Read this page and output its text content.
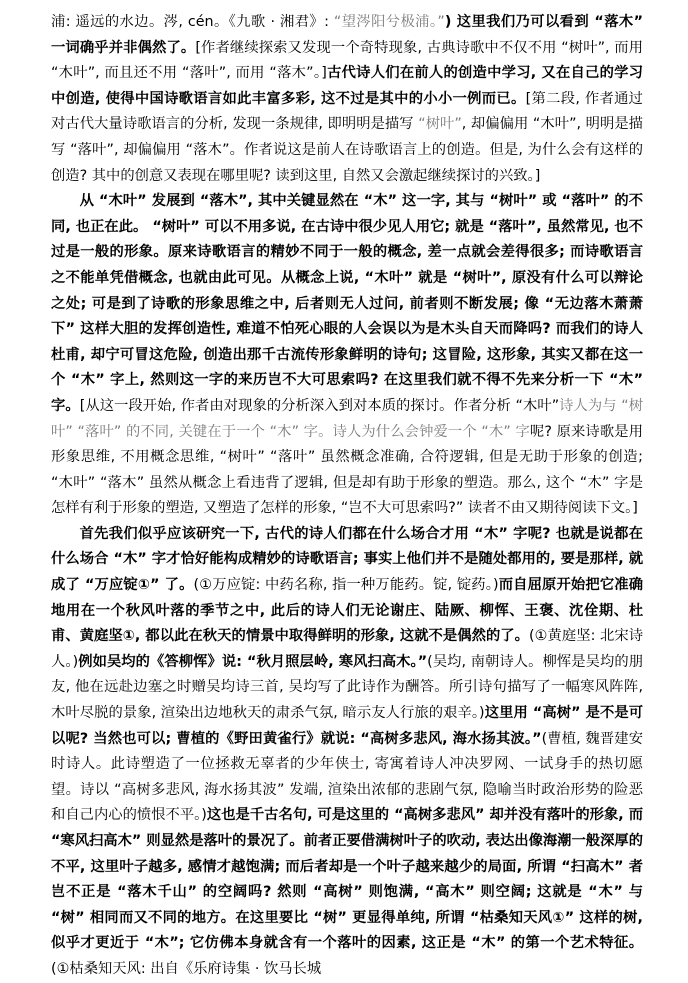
浦: 遥远的水边。涔, cén。《九歌 · 湘君》: “望涔阳兮极浦。”) 这里我们乃可以看到 “落木” 一词确乎并非偶然了。[作者继续探索又发现一个奇特现象, 古典诗歌中不仅不用 “树叶”, 而用 “木叶”, 而且还不用 “落叶”, 而用 “落木”。]古代诗人们在前人的创造中学习, 又在自己的学习中创造, 使得中国诗歌语言如此丰富多彩, 这不过是其中的小小一例而已。[第二段, 作者通过对古代大量诗歌语言的分析, 发现一条规律, 即明明是描写 “树叶”, 却偏偏用 “木叶”, 明明是描写 “落叶”, 却偏偏用 “落木”。作者说这是前人在诗歌语言上的创造。但是, 为什么会有这样的创造? 其中的创意又表现在哪里呢? 读到这里, 自然又会激起继续探讨的兴致。]

从 “木叶” 发展到 “落木”, 其中关键显然在 “木” 这一字, 其与 “树叶” 或 “落叶” 的不同, 也正在此。 “树叶” 可以不用多说, 在古诗中很少见人用它; 就是 “落叶”, 虽然常见, 也不过是一般的形象。原来诗歌语言的精妙不同于一般的概念, 差一点就会差得很多; 而诗歌语言之不能单凭借概念, 也就由此可见。从概念上说, “木叶” 就是 “树叶”, 原没有什么可以辩论之处; 可是到了诗歌的形象思维之中, 后者则无人过问, 前者则不断发展; 像 “无边落木萧萧下” 这样大胆的发挥创造性, 难道不怕死心眼的人会误以为是木头自天而降吗? 而我们的诗人杜甫, 却宁可冒这危险, 创造出那千古流传形象鲜明的诗句; 这冒险, 这形象, 其实又都在这一个 “木” 字上, 然则这一字的来历岂不大可思索吗? 在这里我们就不得不先来分析一下 “木” 字。[从这一段开始, 作者由对现象的分析深入到对本质的探讨。作者分析 “木叶”诗人为与 “树叶” “落叶” 的不同, 关键在于一个 “木” 字。诗人为什么会钟爱一个 “木” 字呢? 原来诗歌是用形象思维, 不用概念思维, “树叶” “落叶” 虽然概念准确, 合符逻辑, 但是无助于形象的创造; “木叶” “落木” 虽然从概念上看违背了逻辑, 但是却有助于形象的塑造。那么, 这个 “木” 字是怎样有利于形象的塑造, 又塑造了怎样的形象, “岂不大可思索吗?” 读者不由又期待阅读下文。]

首先我们似乎应该研究一下, 古代的诗人们都在什么场合才用 “木” 字呢? 也就是说都在什么场合 “木” 字才恰好能构成精妙的诗歌语言; 事实上他们并不是随处都用的, 要是那样, 就成了 “万应锭①” 了。(①万应锭: 中药名称, 指一种万能药。锭, 锭药。)而自屈原开始把它准确地用在一个秋风叶落的季节之中, 此后的诗人们无论谢庄、陆厥、柳恽、王褒、沈佺期、杜甫、黄庭坚①, 都以此在秋天的情景中取得鲜明的形象, 这就不是偶然的了。(①黄庭坚: 北宋诗人。)例如吴均的《答柳恽》说: “秋月照层岭, 寒风扫高木。”(吴均, 南朝诗人。柳恽是吴均的朋友, 他在远赴边塞之时赠吴均诗三首, 吴均写了此诗作为酬答。所引诗句描写了一幅寒风阵阵, 木叶尽脱的景象, 渲染出边地秋天的肃杀气氛, 暗示友人行旅的艰辛。)这里用 “高树” 是不是可以呢? 当然也可以; 曹植的《野田黄雀行》就说: “高树多悲风, 海水扬其波。”(曹植, 魏晋建安时诗人。此诗塑造了一位拯救无辜者的少年侠士, 寄寓着诗人冲决罗网、一试身手的热切愿望。诗以 “高树多悲风, 海水扬其波” 发端, 渲染出浓郁的悲剧气氛, 隐喻当时政治形势的险恶和自己内心的愤恨不平。)这也是千古名句, 可是这里的 “高树多悲风” 却并没有落叶的形象, 而 “寒风扫高木” 则显然是落叶的景况了。前者正要借满树叶子的吹动, 表达出像海潮一般深厚的不平, 这里叶子越多, 感情才越饱满; 而后者却是一个叶子越来越少的局面, 所谓 “扫高木” 者岂不正是 “落木千山” 的空阔吗? 然则 “高树” 则饱满, “高木” 则空阔; 这就是 “木” 与 “树” 相同而又不同的地方。在这里要比 “树” 更显得单纯, 所谓 “枯桑知天风①” 这样的树, 似乎才更近于 “木”; 它仿佛本身就含有一个落叶的因素, 这正是 “木” 的第一个艺术特征。(①枯桑知天风: 出自《乐府诗集 · 饮马长城
